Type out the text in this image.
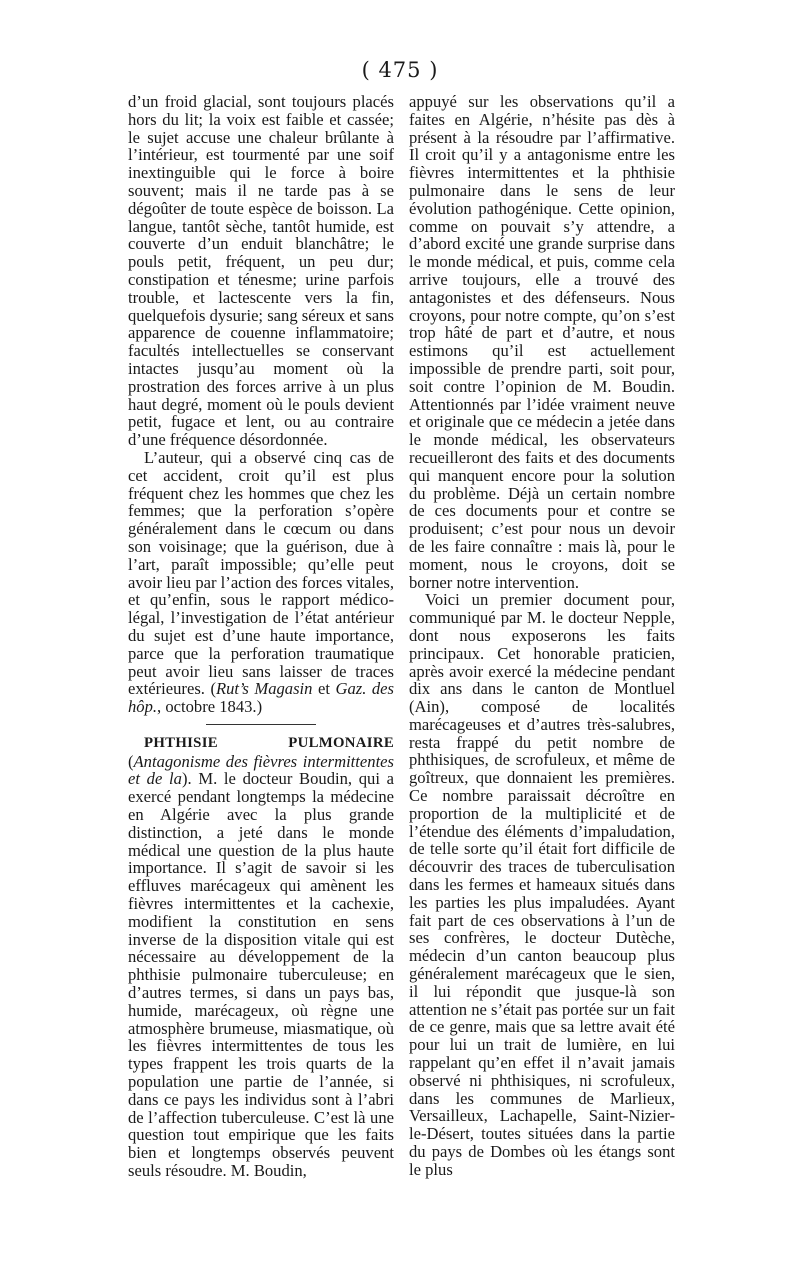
( 475 )

d’un froid glacial, sont toujours placés hors du lit; la voix est faible et cassée; le sujet accuse une chaleur brûlante à l’intérieur, est tourmenté par une soif inextinguible qui le force à boire souvent; mais il ne tarde pas à se dégoûter de toute espèce de boisson. La langue, tantôt sèche, tantôt humide, est couverte d’un enduit blanchâtre; le pouls petit, fréquent, un peu dur; constipation et ténesme; urine parfois trouble, et lactescente vers la fin, quelquefois dysurie; sang séreux et sans apparence de couenne inflammatoire; facultés intellectuelles se conservant intactes jusqu’au moment où la prostration des forces arrive à un plus haut degré, moment où le pouls devient petit, fugace et lent, ou au contraire d’une fréquence désordonnée.

L’auteur, qui a observé cinq cas de cet accident, croit qu’il est plus fréquent chez les hommes que chez les femmes; que la perforation s’opère généralement dans le cœcum ou dans son voisinage; que la guérison, due à l’art, paraît impossible; qu’elle peut avoir lieu par l’action des forces vitales, et qu’enfin, sous le rapport médico-légal, l’investigation de l’état antérieur du sujet est d’une haute importance, parce que la perforation traumatique peut avoir lieu sans laisser de traces extérieures. (Rut’s Magasin et Gaz. des hôp., octobre 1843.)

PHTHISIE PULMONAIRE (Antagonisme des fièvres intermittentes et de la). M. le docteur Boudin, qui a exercé pendant longtemps la médecine en Algérie avec la plus grande distinction, a jeté dans le monde médical une question de la plus haute importance. Il s’agit de savoir si les effluves marécageux qui amènent les fièvres intermittentes et la cachexie, modifient la constitution en sens inverse de la disposition vitale qui est nécessaire au développement de la phthisie pulmonaire tuberculeuse; en d’autres termes, si dans un pays bas, humide, marécageux, où règne une atmosphère brumeuse, miasmatique, où les fièvres intermittentes de tous les types frappent les trois quarts de la population une partie de l’année, si dans ce pays les individus sont à l’abri de l’affection tuberculeuse. C’est là une question tout empirique que les faits bien et longtemps observés peuvent seuls résoudre. M. Boudin,

appuyé sur les observations qu’il a faites en Algérie, n’hésite pas dès à présent à la résoudre par l’affirmative. Il croit qu’il y a antagonisme entre les fièvres intermittentes et la phthisie pulmonaire dans le sens de leur évolution pathogénique. Cette opinion, comme on pouvait s’y attendre, a d’abord excité une grande surprise dans le monde médical, et puis, comme cela arrive toujours, elle a trouvé des antagonistes et des défenseurs. Nous croyons, pour notre compte, qu’on s’est trop hâté de part et d’autre, et nous estimons qu’il est actuellement impossible de prendre parti, soit pour, soit contre l’opinion de M. Boudin. Attentionnés par l’idée vraiment neuve et originale que ce médecin a jetée dans le monde médical, les observateurs recueilleront des faits et des documents qui manquent encore pour la solution du problème. Déjà un certain nombre de ces documents pour et contre se produisent; c’est pour nous un devoir de les faire connaître : mais là, pour le moment, nous le croyons, doit se borner notre intervention.

Voici un premier document pour, communiqué par M. le docteur Nepple, dont nous exposerons les faits principaux. Cet honorable praticien, après avoir exercé la médecine pendant dix ans dans le canton de Montluel (Ain), composé de localités marécageuses et d’autres très-salubres, resta frappé du petit nombre de phthisiques, de scrofuleux, et même de goîtreux, que donnaient les premières. Ce nombre paraissait décroître en proportion de la multiplicité et de l’étendue des éléments d’impaludation, de telle sorte qu’il était fort difficile de découvrir des traces de tuberculisation dans les fermes et hameaux situés dans les parties les plus impaludées. Ayant fait part de ces observations à l’un de ses confrères, le docteur Dutèche, médecin d’un canton beaucoup plus généralement marécageux que le sien, il lui répondit que jusque-là son attention ne s’était pas portée sur un fait de ce genre, mais que sa lettre avait été pour lui un trait de lumière, en lui rappelant qu’en effet il n’avait jamais observé ni phthisiques, ni scrofuleux, dans les communes de Marlieux, Versailleux, Lachapelle, Saint-Nizier-le-Désert, toutes situées dans la partie du pays de Dombes où les étangs sont le plus
